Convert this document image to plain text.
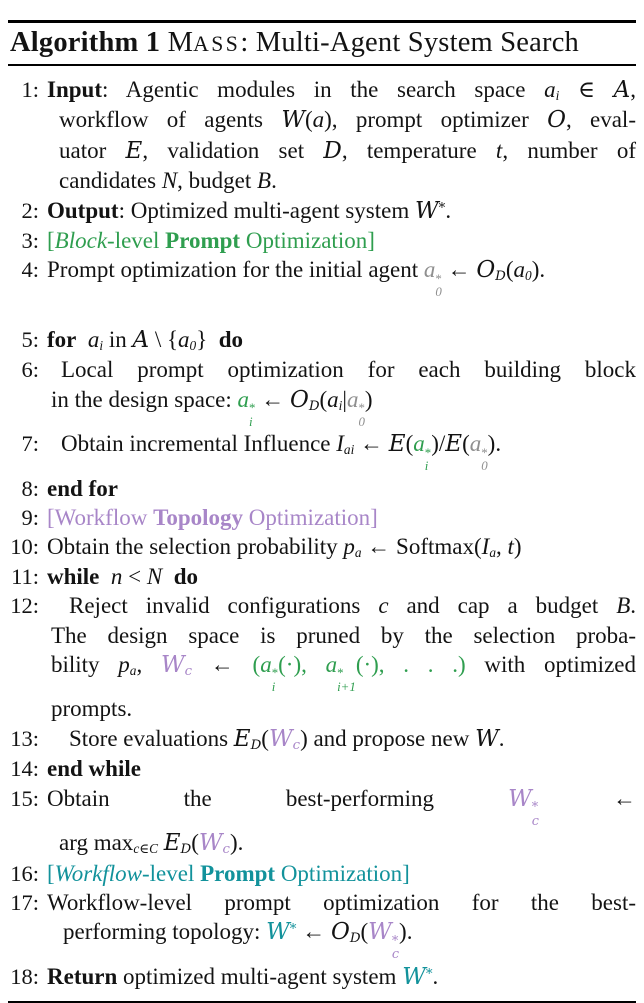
Algorithm 1 MASS: Multi-Agent System Search
1: Input: Agentic modules in the search space $a_i$ ∈ A,
workflow of agents W(a), prompt optimizer O, eval-
uator E, validation set D, temperature t, number of
candidates N, budget B.
2: Output: Optimized multi-agent system W*.
3: [Block-level Prompt Optimization]
4: Prompt optimization for the initial agent a *
0
← $O_D(a_0)$.
5: for $a_i$ in A \ $\{a_0\}$  do
6: Local prompt optimization for each building block
in the design space: a *
i
← $O_D(a_i|a$ *
0
)
7: Obtain incremental Influence $I_{ai}$ ← E(a *
i
)/E(a *
0
).
8: end for
9: [Workflow Topology Optimization]
10: Obtain the selection probability $p_a$ ← $Softmax(I_a$, t)
11: while n < N do
12:	Reject invalid configurations c and cap a budget B.
The design space is pruned by the selection proba-
bility $p_a$, $W_c$ ← (a *
i
(·), a *
i+1
(·), . . .) with optimized
prompts.
13:	Store evaluations $E_D(W_c)$ and propose new W.
14: end while
15: Obtain the best-performing W *
c
←
arg $\max_{c\in C} E_D(W_c)$.
16: [Workflow-level Prompt Optimization]
17: Workflow-level prompt optimization for the best-
performing topology: W* ← $O_D(W$ *
c
).
18: Return optimized multi-agent system W*.
